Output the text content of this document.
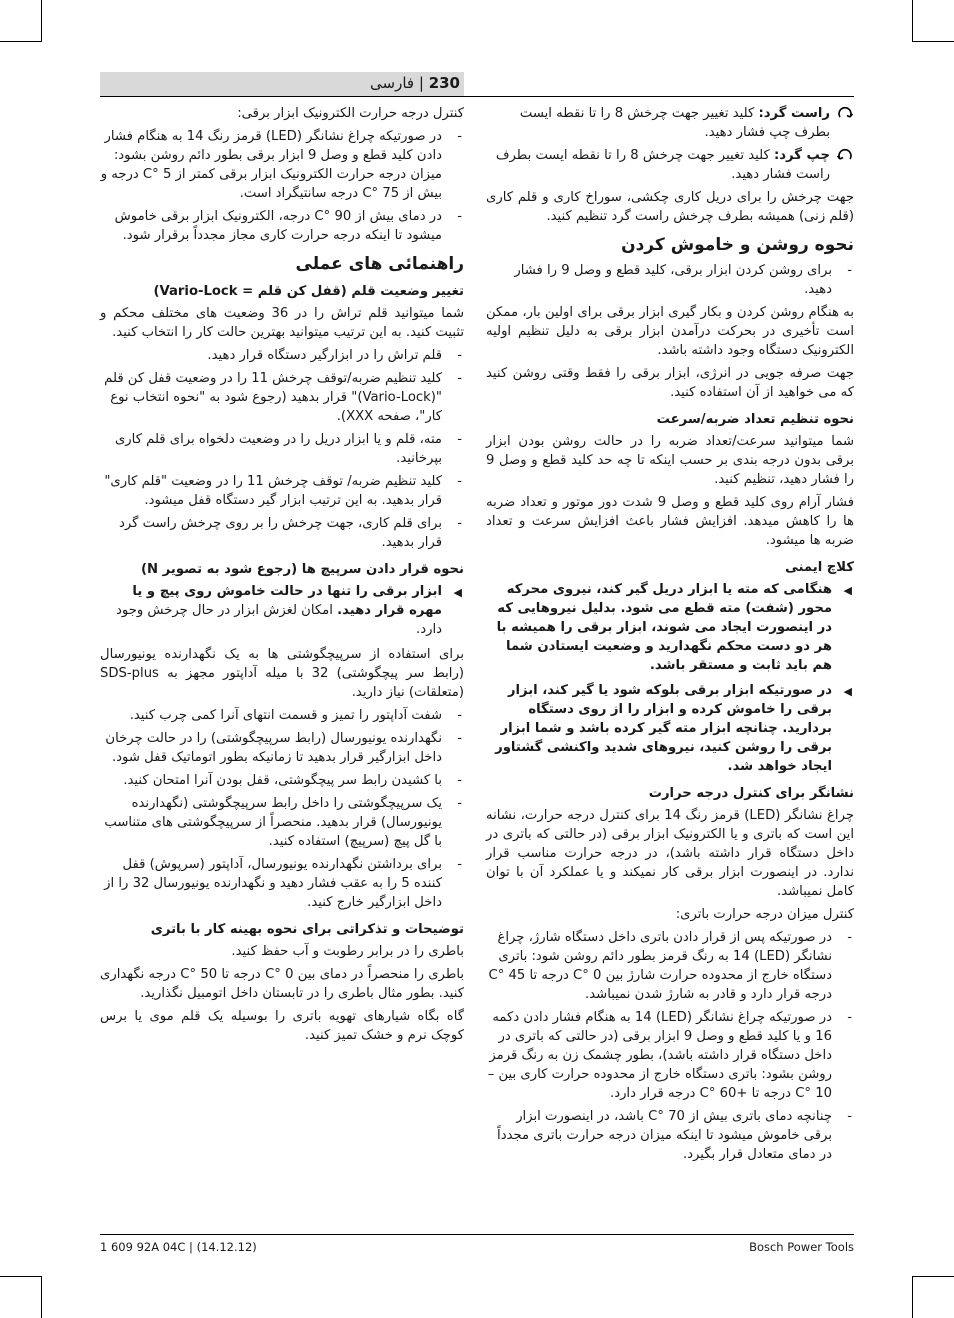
230 | فارسی
راست گرد: کلید تغییر جهت چرخش 8 را تا نقطه ایست بطرف چپ فشار دهید.
چپ گرد: کلید تغییر جهت چرخش 8 را تا نقطه ایست بطرف راست فشار دهید.

جهت چرخش را برای دریل کاری چکشی، سوراخ کاری و قلم کاری (قلم زنی) همیشه بطرف چرخش راست گرد تنظیم کنید.

نحوه روشن و خاموش کردن
- برای روشن کردن ابزار برقی، کلید قطع و وصل 9 را فشار دهید.

به هنگام روشن کردن و بکار گیری ابزار برقی برای اولین بار، ممکن است تأخیری در بحرکت درآمدن ابزار برقی به دلیل تنظیم اولیه الکترونیک دستگاه وجود داشته باشد.

جهت صرفه جویی در انرژی، ابزار برقی را فقط وقتی روشن کنید که می خواهید از آن استفاده کنید.

نحوه تنظیم تعداد ضربه/سرعت

شما میتوانید سرعت/تعداد ضربه را در حالت روشن بودن ابزار برقی بدون درجه بندی بر حسب اینکه تا چه حد کلید قطع و وصل 9 را فشار دهید، تنظیم کنید.

فشار آرام روی کلید قطع و وصل 9 شدت دور موتور و تعداد ضربه ها را کاهش میدهد. افزایش فشار باعث افزایش سرعت و تعداد ضربه ها میشود.

کلاچ ایمنی
◀
هنگامی که مته یا ابزار دریل گیر کند، نیروی محرکه محور (شفت) مته قطع می شود. بدلیل نیروهایی که در اینصورت ایجاد می شوند، ابزار برقی را همیشه با هر دو دست محکم نگهدارید و وضعیت ایستادن شما هم باید ثابت و مستقر باشد.
◀
در صورتیکه ابزار برقی بلوکه شود یا گیر کند، ابزار برقی را خاموش کرده و ابزار را از روی دستگاه بردارید. چنانچه ابزار مته گیر کرده باشد و شما ابزار برقی را روشن کنید، نیروهای شدید واکنشی گشتاور ایجاد خواهد شد.
نشانگر برای کنترل درجه حرارت

چراغ نشانگر (LED) قرمز رنگ 14 برای کنترل درجه حرارت، نشانه این است که باتری و یا الکترونیک ابزار برقی (در حالتی که باتری در داخل دستگاه قرار داشته باشد)، در درجه حرارت مناسب قرار ندارد. در اینصورت ابزار برقی کار نمیکند و یا عملکرد آن با توان کامل نمیباشد.

کنترل میزان درجه حرارت باتری:

- در صورتیکه پس از قرار دادن باتری داخل دستگاه شارژ، چراغ نشانگر (LED) 14 به رنگ قرمز بطور دائم روشن شود: باتری دستگاه خارج از محدوده حرارت شارژ بین 0 °C درجه تا 45 °C درجه قرار دارد و قادر به شارژ شدن نمیباشد.
- در صورتیکه چراغ نشانگر (LED) 14 به هنگام فشار دادن دکمه 16 و یا کلید قطع و وصل 9 ابزار برقی (در حالتی که باتری در داخل دستگاه قرار داشته باشد)، بطور چشمک زن به رنگ قرمز روشن بشود: باتری دستگاه خارج از محدوده حرارت کاری بین –10 °C درجه تا +60 °C درجه قرار دارد.
- چنانچه دمای باتری بیش از 70 °C باشد، در اینصورت ابزار برقی خاموش میشود تا اینکه میزان درجه حرارت باتری مجدداً در دمای متعادل قرار بگیرد.

کنترل درجه حرارت الکترونیک ابزار برقی:

- در صورتیکه چراغ نشانگر (LED) قرمز رنگ 14 به هنگام فشار دادن کلید قطع و وصل 9 ابزار برقی بطور دائم روشن بشود: میزان درجه حرارت الکترونیک ابزار برقی کمتر از 5 °C درجه و بیش از 75 °C درجه سانتیگراد است.
- در دمای بیش از 90 °C درجه، الکترونیک ابزار برقی خاموش میشود تا اینکه درجه حرارت کاری مجاز مجدداً برقرار شود.
راهنمائی های عملی
تغییر وضعیت قلم (قفل کن قلم = Vario-Lock)

شما میتوانید قلم تراش را در 36 وضعیت های مختلف محکم و تثبیت کنید. به این ترتیب میتوانید بهترین حالت کار را انتخاب کنید.

- قلم تراش را در ابزارگیر دستگاه قرار دهید.
- کلید تنظیم ضربه/توقف چرخش 11 را در وضعیت قفل کن قلم "(Vario-Lock)" قرار بدهید (رجوع شود به "نحوه انتخاب نوع کار"، صفحه XXX).
- مته، قلم و یا ابزار دریل را در وضعیت دلخواه برای قلم کاری بپرخانید.
- کلید تنظیم ضربه/ توقف چرخش 11 را در وضعیت "قلم کاری" قرار بدهید. به این ترتیب ابزار گیر دستگاه قفل میشود.
- برای قلم کاری، جهت چرخش را بر روی چرخش راست گرد قرار بدهید.
نحوه قرار دادن سرپیچ ها (رجوع شود به تصویر N)
◀
ابزار برقی را تنها در حالت خاموش روی پیچ و یا مهره قرار دهید. امکان لغزش ابزار در حال چرخش وجود دارد.

برای استفاده از سرپیچگوشتی ها به یک نگهدارنده یونیورسال (رابط سر پیچگوشتی) 32 با میله آداپتور مجهز به SDS-plus (متعلقات) نیاز دارید.

- شفت آداپتور را تمیز و قسمت انتهای آنرا کمی چرب کنید.
- نگهدارنده یونیورسال (رابط سرپیچگوشتی) را در حالت چرخان داخل ابزارگیر قرار بدهید تا زمانیکه بطور اتوماتیک قفل شود.
- با کشیدن رابط سر پیچگوشتی، قفل بودن آنرا امتحان کنید.
- یک سرپیچگوشتی را داخل رابط سرپیچگوشتی (نگهدارنده یونیورسال) قرار بدهید. منحصراً از سرپیچگوشتی های متناسب با گل پیچ (سرپیچ) استفاده کنید.
- برای برداشتن نگهدارنده یونیورسال، آداپتور (سرپوش) قفل کننده 5 را به عقب فشار دهید و نگهدارنده یونیورسال 32 را از داخل ابزارگیر خارج کنید.
توضیحات و تذکراتی برای نحوه بهینه کار با باتری

باطری را در برابر رطوبت و آب حفظ کنید.

باطری را منحصراً در دمای بین 0 °C درجه تا 50 °C درجه نگهداری کنید. بطور مثال باطری را در تابستان داخل اتومبیل نگذارید.

گاه بگاه شیارهای تهویه باتری را بوسیله یک قلم موی یا برس کوچک نرم و خشک تمیز کنید.

1 609 92A 04C | (14.12.12)	Bosch Power Tools
